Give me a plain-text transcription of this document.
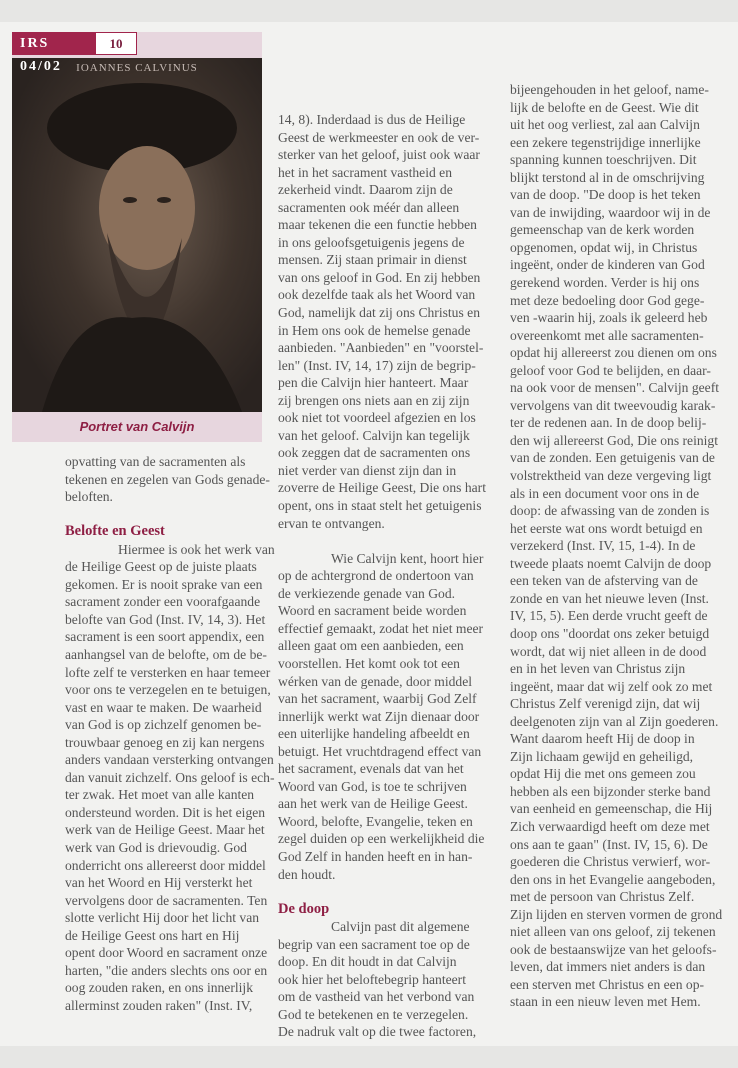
IOANNES CALVINUS
Portret van Calvijn
IRS 04/02
10
opvatting van de sacramenten als
tekenen en zegelen van Gods genade-
beloften.
Belofte en Geest
Hiermee is ook het werk van
de Heilige Geest op de juiste plaats
gekomen. Er is nooit sprake van een
sacrament zonder een voorafgaande
belofte van God (Inst. IV, 14, 3). Het
sacrament is een soort appendix, een
aanhangsel van de belofte, om de be-
lofte zelf te versterken en haar temeer
voor ons te verzegelen en te betuigen,
vast en waar te maken. De waarheid
van God is op zichzelf genomen be-
trouwbaar genoeg en zij kan nergens
anders vandaan versterking ontvangen
dan vanuit zichzelf. Ons geloof is ech-
ter zwak. Het moet van alle kanten
ondersteund worden. Dit is het eigen
werk van de Heilige Geest. Maar het
werk van God is drievoudig. God
onderricht ons allereerst door middel
van het Woord en Hij versterkt het
vervolgens door de sacramenten. Ten
slotte verlicht Hij door het licht van
de Heilige Geest ons hart en Hij
opent door Woord en sacrament onze
harten, "die anders slechts ons oor en
oog zouden raken, en ons innerlijk
allerminst zouden raken" (Inst. IV,
14, 8). Inderdaad is dus de Heilige
Geest de werkmeester en ook de ver-
sterker van het geloof, juist ook waar
het in het sacrament vastheid en
zekerheid vindt. Daarom zijn de
sacramenten ook méér dan alleen
maar tekenen die een functie hebben
in ons geloofsgetuigenis jegens de
mensen. Zij staan primair in dienst
van ons geloof in God. En zij hebben
ook dezelfde taak als het Woord van
God, namelijk dat zij ons Christus en
in Hem ons ook de hemelse genade
aanbieden. "Aanbieden" en "voorstel-
len" (Inst. IV, 14, 17) zijn de begrip-
pen die Calvijn hier hanteert. Maar
zij brengen ons niets aan en zij zijn
ook niet tot voordeel afgezien en los
van het geloof. Calvijn kan tegelijk
ook zeggen dat de sacramenten ons
niet verder van dienst zijn dan in
zoverre de Heilige Geest, Die ons hart
opent, ons in staat stelt het getuigenis
ervan te ontvangen.
Wie Calvijn kent, hoort hier
op de achtergrond de ondertoon van
de verkiezende genade van God.
Woord en sacrament beide worden
effectief gemaakt, zodat het niet meer
alleen gaat om een aanbieden, een
voorstellen. Het komt ook tot een
wérken van de genade, door middel
van het sacrament, waarbij God Zelf
innerlijk werkt wat Zijn dienaar door
een uiterlijke handeling afbeeldt en
betuigt. Het vruchtdragend effect van
het sacrament, evenals dat van het
Woord van God, is toe te schrijven
aan het werk van de Heilige Geest.
Woord, belofte, Evangelie, teken en
zegel duiden op een werkelijkheid die
God Zelf in handen heeft en in han-
den houdt.
De doop
Calvijn past dit algemene
begrip van een sacrament toe op de
doop. En dit houdt in dat Calvijn
ook hier het beloftebegrip hanteert
om de vastheid van het verbond van
God te betekenen en te verzegelen.
De nadruk valt op die twee factoren,
bijeengehouden in het geloof, name-
lijk de belofte en de Geest. Wie dit
uit het oog verliest, zal aan Calvijn
een zekere tegenstrijdige innerlijke
spanning kunnen toeschrijven. Dit
blijkt terstond al in de omschrijving
van de doop. "De doop is het teken
van de inwijding, waardoor wij in de
gemeenschap van de kerk worden
opgenomen, opdat wij, in Christus
ingeënt, onder de kinderen van God
gerekend worden. Verder is hij ons
met deze bedoeling door God gege-
ven -waarin hij, zoals ik geleerd heb
overeenkomt met alle sacramenten-
opdat hij allereerst zou dienen om ons
geloof voor God te belijden, en daar-
na ook voor de mensen". Calvijn geeft
vervolgens van dit tweevoudig karak-
ter de redenen aan. In de doop belij-
den wij allereerst God, Die ons reinigt
van de zonden. Een getuigenis van de
volstrektheid van deze vergeving ligt
als in een document voor ons in de
doop: de afwassing van de zonden is
het eerste wat ons wordt betuigd en
verzekerd (Inst. IV, 15, 1-4). In de
tweede plaats noemt Calvijn de doop
een teken van de afsterving van de
zonde en van het nieuwe leven (Inst.
IV, 15, 5). Een derde vrucht geeft de
doop ons "doordat ons zeker betuigd
wordt, dat wij niet alleen in de dood
en in het leven van Christus zijn
ingeënt, maar dat wij zelf ook zo met
Christus Zelf verenigd zijn, dat wij
deelgenoten zijn van al Zijn goederen.
Want daarom heeft Hij de doop in
Zijn lichaam gewijd en geheiligd,
opdat Hij die met ons gemeen zou
hebben als een bijzonder sterke band
van eenheid en gemeenschap, die Hij
Zich verwaardigd heeft om deze met
ons aan te gaan" (Inst. IV, 15, 6). De
goederen die Christus verwierf, wor-
den ons in het Evangelie aangeboden,
met de persoon van Christus Zelf.
Zijn lijden en sterven vormen de grond
niet alleen van ons geloof, zij tekenen
ook de bestaanswijze van het geloofs-
leven, dat immers niet anders is dan
een sterven met Christus en een op-
staan in een nieuw leven met Hem.
